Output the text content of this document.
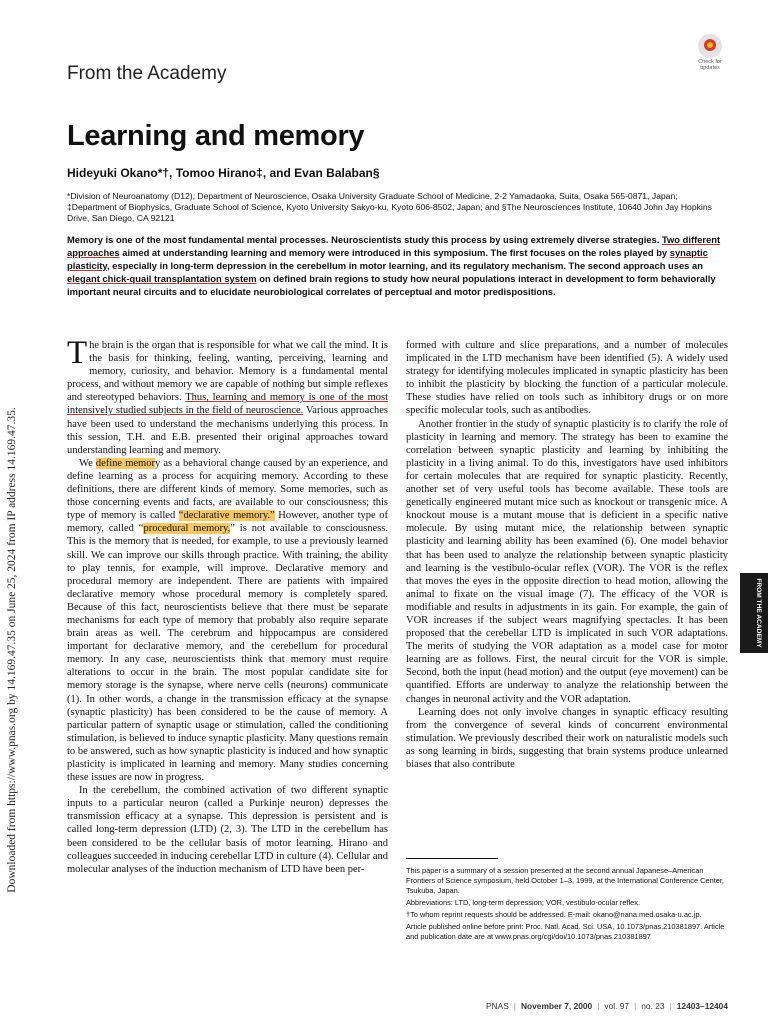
Downloaded from https://www.pnas.org by 14.169.47.35 on June 25, 2024 from IP address 14.169.47.35.
From the Academy
Check for updates
Learning and memory
Hideyuki Okano*†, Tomoo Hirano‡, and Evan Balaban§
*Division of Neuroanatomy (D12), Department of Neuroscience, Osaka University Graduate School of Medicine, 2-2 Yamadaoka, Suita, Osaka 565-0871, Japan; ‡Department of Biophysics, Graduate School of Science, Kyoto University Sakyo-ku, Kyoto 606-8502, Japan; and §The Neurosciences Institute, 10640 John Jay Hopkins Drive, San Diego, CA 92121
Memory is one of the most fundamental mental processes. Neuroscientists study this process by using extremely diverse strategies. Two different approaches aimed at understanding learning and memory were introduced in this symposium. The first focuses on the roles played by synaptic plasticity, especially in long-term depression in the cerebellum in motor learning, and its regulatory mechanism. The second approach uses an elegant chick-quail transplantation system on defined brain regions to study how neural populations interact in development to form behaviorally important neural circuits and to elucidate neurobiological correlates of perceptual and motor predispositions.

The brain is the organ that is responsible for what we call the mind. It is the basis for thinking, feeling, wanting, perceiving, learning and memory, curiosity, and behavior. Memory is a fundamental mental process, and without memory we are capable of nothing but simple reflexes and stereotyped behaviors. Thus, learning and memory is one of the most intensively studied subjects in the field of neuroscience. Various approaches have been used to understand the mechanisms underlying this process. In this session, T.H. and E.B. presented their original approaches toward understanding learning and memory.

We define memory as a behavioral change caused by an experience, and define learning as a process for acquiring memory. According to these definitions, there are different kinds of memory. Some memories, such as those concerning events and facts, are available to our consciousness; this type of memory is called “declarative memory.” However, another type of memory, called “procedural memory,” is not available to consciousness. This is the memory that is needed, for example, to use a previously learned skill. We can improve our skills through practice. With training, the ability to play tennis, for example, will improve. Declarative memory and procedural memory are independent. There are patients with impaired declarative memory whose procedural memory is completely spared. Because of this fact, neuroscientists believe that there must be separate mechanisms for each type of memory that probably also require separate brain areas as well. The cerebrum and hippocampus are considered important for declarative memory, and the cerebellum for procedural memory. In any case, neuroscientists think that memory must require alterations to occur in the brain. The most popular candidate site for memory storage is the synapse, where nerve cells (neurons) communicate (1). In other words, a change in the transmission efficacy at the synapse (synaptic plasticity) has been considered to be the cause of memory. A particular pattern of synaptic usage or stimulation, called the conditioning stimulation, is believed to induce synaptic plasticity. Many questions remain to be answered, such as how synaptic plasticity is induced and how synaptic plasticity is implicated in learning and memory. Many studies concerning these issues are now in progress.

In the cerebellum, the combined activation of two different synaptic inputs to a particular neuron (called a Purkinje neuron) depresses the transmission efficacy at a synapse. This depression is persistent and is called long-term depression (LTD) (2, 3). The LTD in the cerebellum has been considered to be the cellular basis of motor learning. Hirano and colleagues succeeded in inducing cerebellar LTD in culture (4). Cellular and molecular analyses of the induction mechanism of LTD have been per-

formed with culture and slice preparations, and a number of molecules implicated in the LTD mechanism have been identified (5). A widely used strategy for identifying molecules implicated in synaptic plasticity has been to inhibit the plasticity by blocking the function of a particular molecule. These studies have relied on tools such as inhibitory drugs or on more specific molecular tools, such as antibodies.

Another frontier in the study of synaptic plasticity is to clarify the role of plasticity in learning and memory. The strategy has been to examine the correlation between synaptic plasticity and learning by inhibiting the plasticity in a living animal. To do this, investigators have used inhibitors for certain molecules that are required for synaptic plasticity. Recently, another set of very useful tools has become available. These tools are genetically engineered mutant mice such as knockout or transgenic mice. A knockout mouse is a mutant mouse that is deficient in a specific native molecule. By using mutant mice, the relationship between synaptic plasticity and learning ability has been examined (6). One model behavior that has been used to analyze the relationship between synaptic plasticity and learning is the vestibulo-ocular reflex (VOR). The VOR is the reflex that moves the eyes in the opposite direction to head motion, allowing the animal to fixate on the visual image (7). The efficacy of the VOR is modifiable and results in adjustments in its gain. For example, the gain of VOR increases if the subject wears magnifying spectacles. It has been proposed that the cerebellar LTD is implicated in such VOR adaptations. The merits of studying the VOR adaptation as a model case for motor learning are as follows. First, the neural circuit for the VOR is simple. Second, both the input (head motion) and the output (eye movement) can be quantified. Efforts are underway to analyze the relationship between the changes in neuronal activity and the VOR adaptation.

Learning does not only involve changes in synaptic efficacy resulting from the convergence of several kinds of concurrent environmental stimulation. We previously described their work on naturalistic models such as song learning in birds, suggesting that brain systems produce unlearned biases that also contribute

This paper is a summary of a session presented at the second annual Japanese–American Frontiers of Science symposium, held October 1–3, 1999, at the International Conference Center, Tsukuba, Japan.

Abbreviations: LTD, long-term depression; VOR, vestibulo-ocular reflex.

†To whom reprint requests should be addressed. E-mail: okano@nana.med.osaka-u.ac.jp.

Article published online before print: Proc. Natl. Acad. Sci. USA, 10.1073/pnas.210381897. Article and publication date are at www.pnas.org/cgi/doi/10.1073/pnas.210381897

PNAS | November 7, 2000 | vol. 97 | no. 23 | 12403–12404
FROM THE ACADEMY
